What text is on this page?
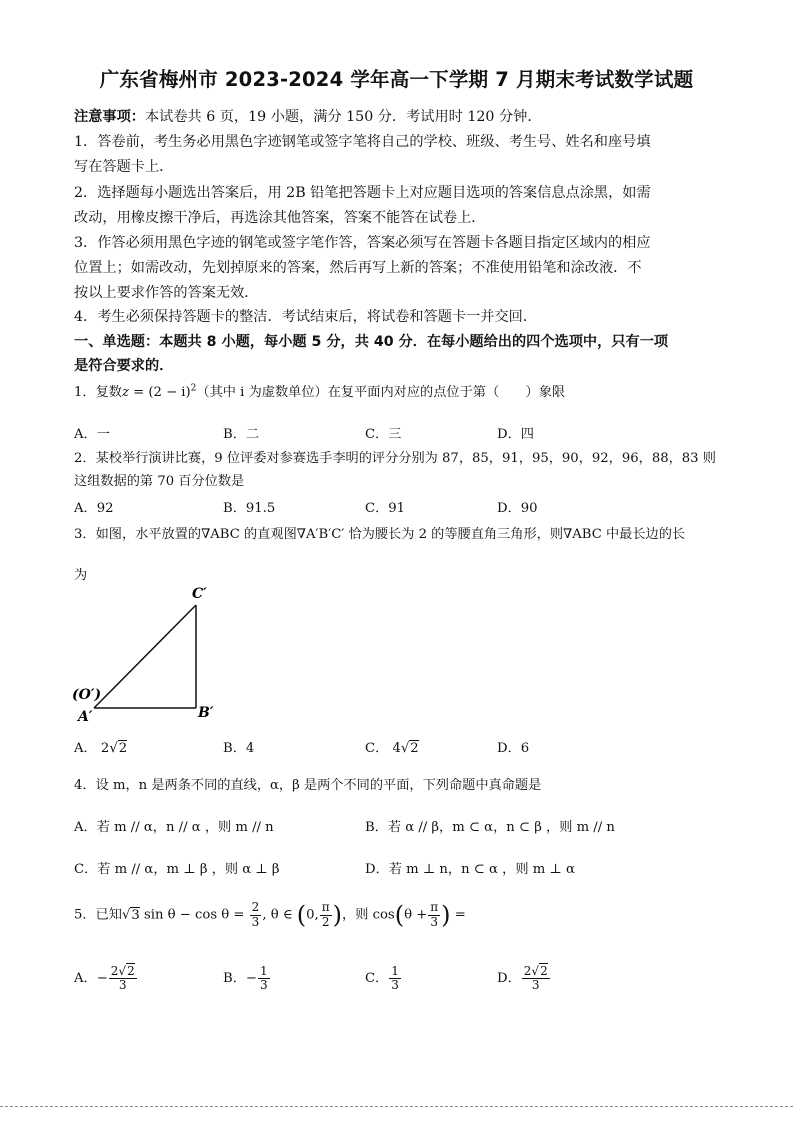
广东省梅州市 2023-2024 学年高一下学期 7 月期末考试数学试题
注意事项：本试卷共 6 页，19 小题，满分 150 分．考试用时 120 分钟．
1．答卷前，考生务必用黑色字迹钢笔或签字笔将自己的学校、班级、考生号、姓名和座号填
写在答题卡上．
2．选择题每小题选出答案后，用 2B 铅笔把答题卡上对应题目选项的答案信息点涂黑，如需
改动，用橡皮擦干净后，再选涂其他答案，答案不能答在试卷上．
3．作答必须用黑色字迹的钢笔或签字笔作答，答案必须写在答题卡各题目指定区域内的相应
位置上；如需改动，先划掉原来的答案，然后再写上新的答案；不准使用铅笔和涂改液．不
按以上要求作答的答案无效．
4．考生必须保持答题卡的整洁．考试结束后，将试卷和答题卡一并交回．
一、单选题：本题共 8 小题，每小题 5 分，共 40 分．在每小题给出的四个选项中，只有一项
是符合要求的．
1．复数$z = (2 - i)^2$（其中 i 为虚数单位）在复平面内对应的点位于第（　　）象限
A．一	B．二	C．三	D．四
2．某校举行演讲比赛，9 位评委对参赛选手李明的评分分别为 87，85，91，95，90，92，96，88，83 则
这组数据的第 70 百分位数是
A．92	B．91.5	C．91	D．90
3．如图，水平放置的∇ABC 的直观图∇A′B′C′ 恰为腰长为 2 的等腰直角三角形，则∇ABC 中最长边的长
为
C′
(O′)
A′	B′
A． 2√2	B．4	C． 4√2	D．6
4．设 m，n 是两条不同的直线，α，β 是两个不同的平面，下列命题中真命题是
A．若 m // α，n // α ，则 m // n	B．若 α // β，m ⊂ α，n ⊂ β ，则 m // n
C．若 m // α，m ⊥ β ，则 α ⊥ β	D．若 m ⊥ n，n ⊂ α ，则 m ⊥ α
5．已知√3 $\sin \theta - \cos \theta = \frac{2}{3}$ , θ ∈ (0, $\frac{\pi}{2}$ )，则 $\cos(\theta + \frac{\pi}{3}$ ) =
A．− $\frac{2√2}{3}$	B．− $\frac{1}{3}$	C． $\frac{1}{3}$	D． $\frac{2√2}{3}$
